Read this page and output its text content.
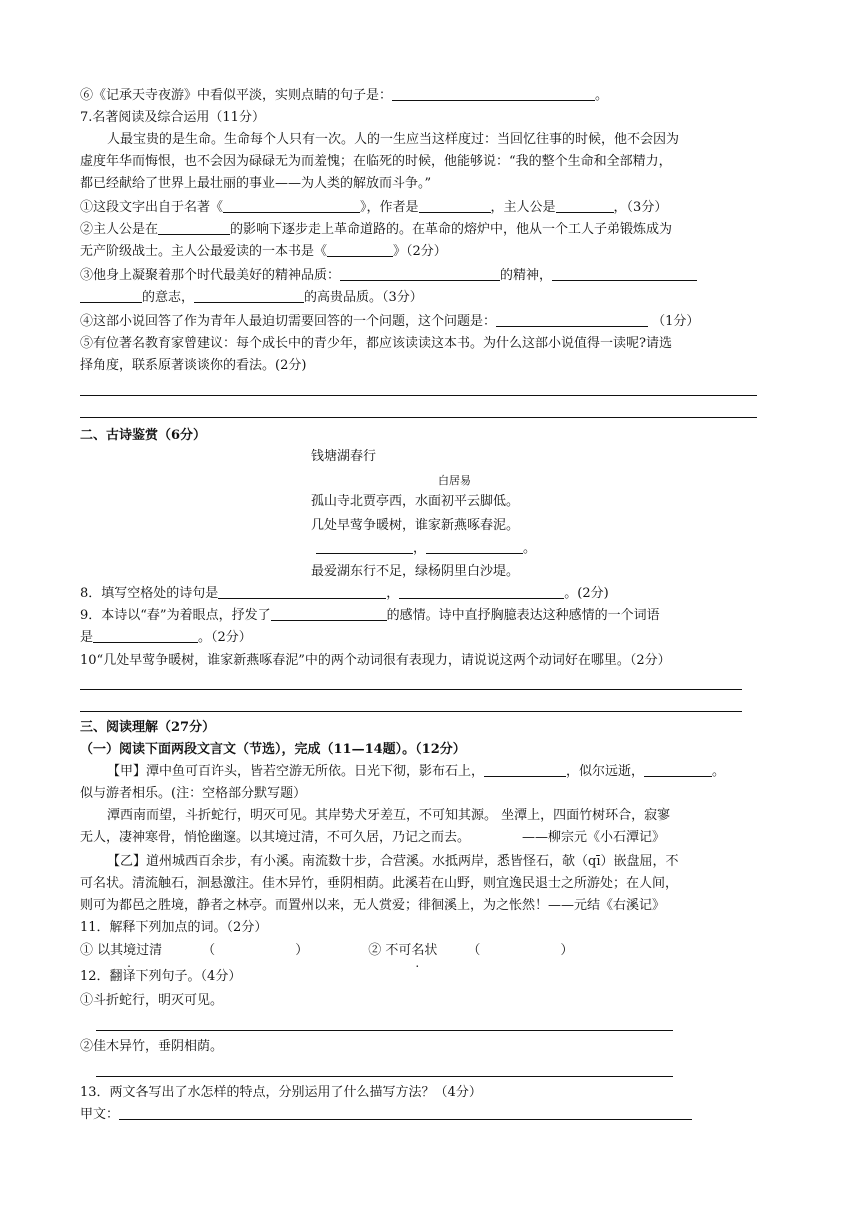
⑥《记承天寺夜游》中看似平淡，实则点睛的句子是：	。
7.名著阅读及综合运用（11分）
人最宝贵的是生命。生命每个人只有一次。人的一生应当这样度过：当回忆往事的时候，他不会因为
虚度年华而悔恨，也不会因为碌碌无为而羞愧；在临死的时候，他能够说：“我的整个生命和全部精力，
都已经献给了世界上最壮丽的事业——为人类的解放而斗争。”
①这段文字出自于名著《	》，作者是	，主人公是	，（3分）
②主人公是在	的影响下逐步走上革命道路的。在革命的熔炉中，他从一个工人子弟锻炼成为
无产阶级战士。主人公最爱读的一本书是《	》（2分）
③他身上凝聚着那个时代最美好的精神品质：	的精神，
的意志，	的高贵品质。（3分）
④这部小说回答了作为青年人最迫切需要回答的一个问题，这个问题是：	（1分）
⑤有位著名教育家曾建议：每个成长中的青少年，都应该读读这本书。为什么这部小说值得一读呢?请选
择角度，联系原著谈谈你的看法。(2分)
二、古诗鉴赏（6分）
钱塘湖春行
白居易
孤山寺北贾亭西，水面初平云脚低。
几处早莺争暖树，谁家新燕啄春泥。
，	。
最爱湖东行不足，绿杨阴里白沙堤。
8．填写空格处的诗句是	，	。(2分)
9．本诗以“春”为着眼点，抒发了	的感情。诗中直抒胸臆表达这种感情的一个词语
是	。（2分）
10“几处早莺争暖树，谁家新燕啄春泥”中的两个动词很有表现力，请说说这两个动词好在哪里。（2分）
三、阅读理解（27分）
（一）阅读下面两段文言文（节选），完成（11—14题）。（12分）
【甲】潭中鱼可百许头，皆若空游无所依。日光下彻，影布石上，	，似尔远逝，	。
似与游者相乐。(注：空格部分默写题）
潭西南而望，斗折蛇行，明灭可见。其岸势犬牙差互，不可知其源。 坐潭上，四面竹树环合，寂寥
无人，凄神寒骨，悄怆幽邃。以其境过清，不可久居，乃记之而去。	——柳宗元《小石潭记》
【乙】道州城西百余步，有小溪。南流数十步，合营溪。水抵两岸，悉皆怪石，欹（qī）嵌盘屈，不
可名状。清流触石，洄悬激注。佳木异竹，垂阴相荫。此溪若在山野，则宜逸民退士之所游处；在人间，
则可为都邑之胜境，静者之林亭。而置州以来，无人赏爱；徘徊溪上，为之怅然！——元结《右溪记》
11．解释下列加点的词。（2分）
① 以其境过清	（	）	② 不可名状 （	）
12．翻译下列句子。（4分）
①斗折蛇行，明灭可见。
②佳木异竹，垂阴相荫。
13．两文各写出了水怎样的特点，分别运用了什么描写方法？（4分）
甲文：
